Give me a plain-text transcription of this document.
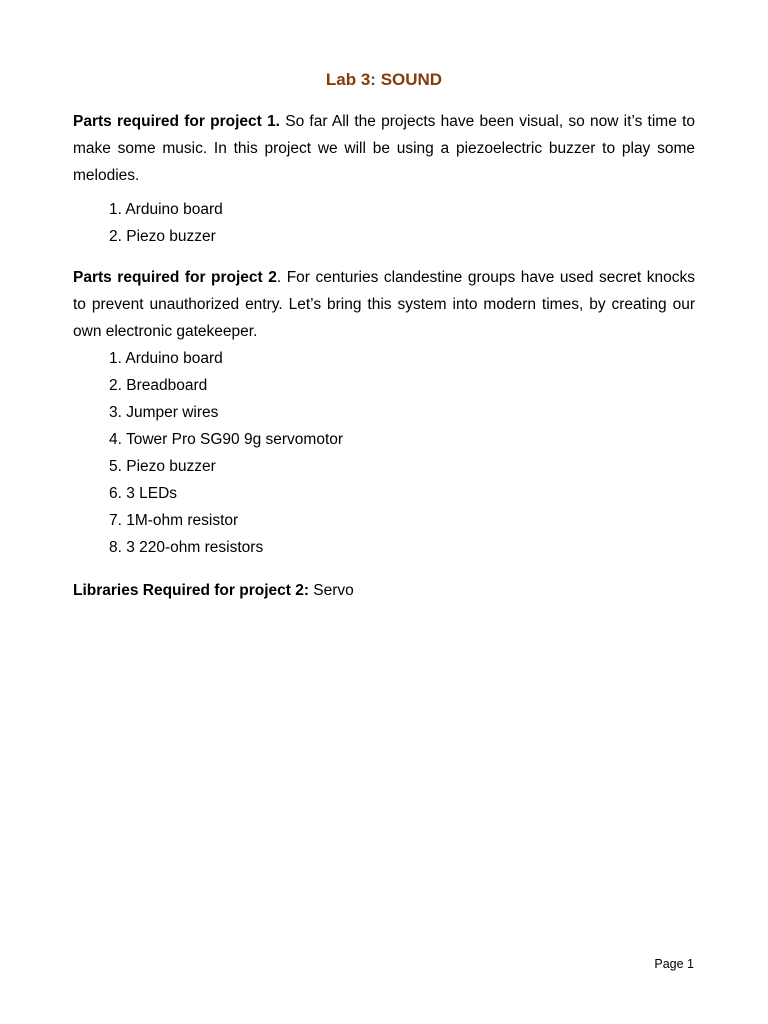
Lab 3: SOUND
Parts required for project 1. So far All the projects have been visual, so now it’s time to make some music. In this project we will be using a piezoelectric buzzer to play some melodies.
1. Arduino board
2. Piezo buzzer
Parts required for project 2. For centuries clandestine groups have used secret knocks to prevent unauthorized entry. Let’s bring this system into modern times, by creating our own electronic gatekeeper.
1. Arduino board
2. Breadboard
3. Jumper wires
4. Tower Pro SG90 9g servomotor
5. Piezo buzzer
6. 3 LEDs
7. 1M-ohm resistor
8. 3 220-ohm resistors
Libraries Required for project 2: Servo
Page 1
